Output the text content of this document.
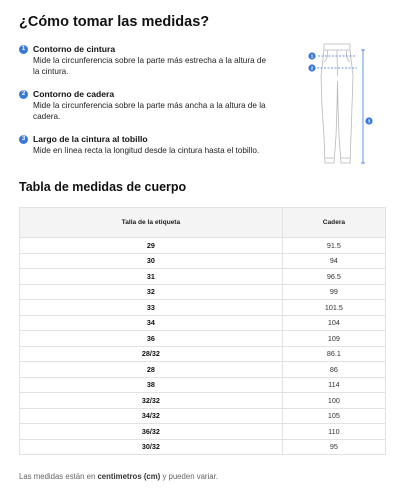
¿Cómo tomar las medidas?
1 Contorno de cintura
Mide la circunferencia sobre la parte más estrecha a la altura de la cintura.
2 Contorno de cadera
Mide la circunferencia sobre la parte más ancha a la altura de la cadera.
3 Largo de la cintura al tobillo
Mide en línea recta la longitud desde la cintura hasta el tobillo.
1
2
3
Tabla de medidas de cuerpo
Talla de la etiqueta	Cadera
29	91.5
30	94
31	96.5
32	99
33	101.5
34	104
36	109
28/32	86.1
28	86
38	114
32/32	100
34/32	105
36/32	110
30/32	95
Las medidas están en centimetros (cm) y pueden variar.
